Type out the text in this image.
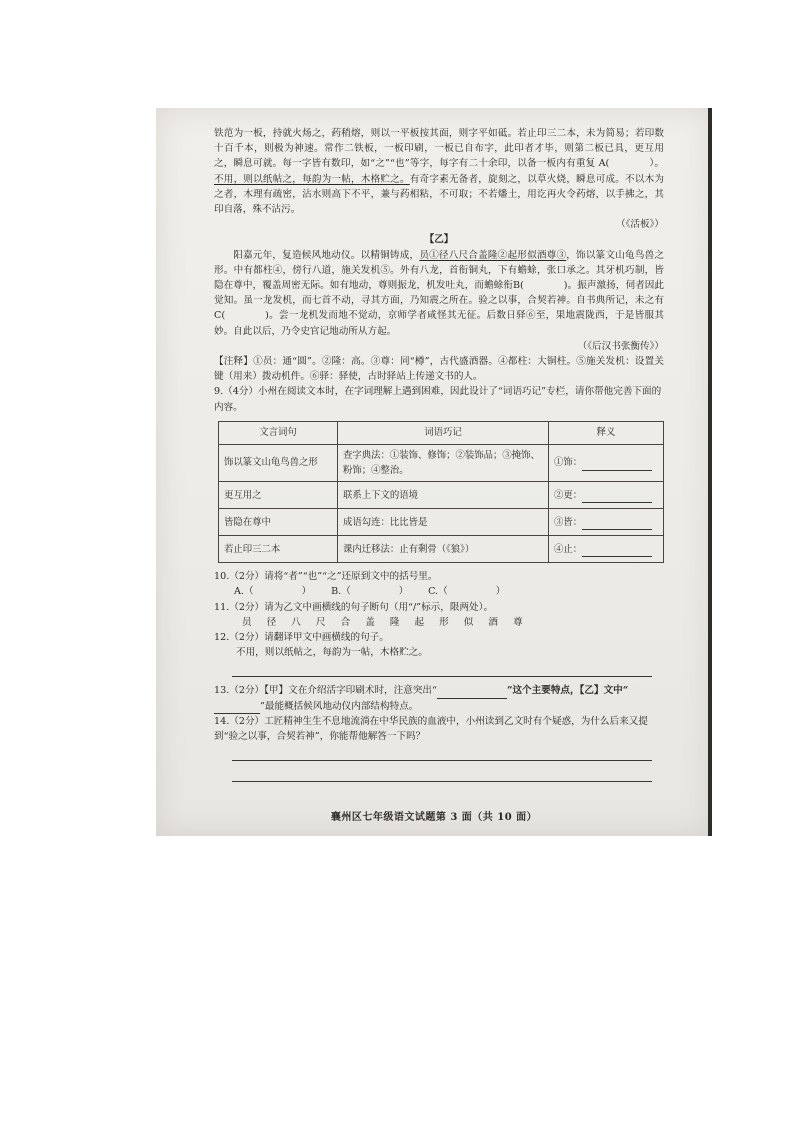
铁范为一板，持就火炀之，药稍熔，则以一平板按其面，则字平如砥。若止印三二本，未为简易；若印数十百千本，则极为神速。常作二铁板，一板印刷，一板已自布字，此印者才毕，则第二板已具，更互用之，瞬息可就。每一字皆有数印，如“之”“也”等字，每字有二十余印，以备一板内有重复 A(	）。不用，则以纸帖之，每韵为一帖，木格贮之。有奇字素无备者，旋刻之，以草火烧，瞬息可成。不以木为之者，木理有疏密，沾水则高下不平，兼与药相粘，不可取；不若燔土，用讫再火令药熔，以手拂之，其印自落，殊不沾污。

（《活板》）

【乙】

阳嘉元年，复造候风地动仪。以精铜铸成，员①径八尺合盖隆②起形似酒尊③，饰以篆文山龟鸟兽之形。中有都柱④，傍行八道，施关发机⑤。外有八龙，首衔铜丸，下有蟾蜍，张口承之。其牙机巧制，皆隐在尊中，覆盖周密无际。如有地动，尊则振龙，机发吐丸，而蟾蜍衔B(	)。振声激扬，伺者因此觉知。虽一龙发机，而七首不动，寻其方面，乃知震之所在。验之以事，合契若神。自书典所记，未之有C(	)。尝一龙机发而地不觉动，京师学者咸怪其无征。后数日驿⑥至，果地震陇西，于是皆服其妙。自此以后，乃令史官记地动所从方起。

（《后汉书张衡传》）

【注释】①员：通“圆”。②隆：高。③尊：同“樽”，古代盛酒器。④都柱：大铜柱。⑤施关发机：设置关键（用来）拨动机件。⑥驿：驿使，古时驿站上传递文书的人。

9.（4分）小州在阅读文本时，在字词理解上遇到困难，因此设计了“词语巧记”专栏，请你帮他完善下面的内容。

文言词句	词语巧记	释义
饰以篆文山龟鸟兽之形	查字典法：①装饰、修饰；②装饰品；③掩饰、粉饰；④整治。	①饰：
更互用之	联系上下文的语境	②更：
皆隐在尊中	成语勾连：比比皆是	③皆：
若止印三二本	课内迁移法：止有剩骨（《狼》）	④止：

10.（2分）请将“者”“也”“之”还原到文中的括号里。

A.（	） B.（	） C.（	）

11.（2分）请为乙文中画横线的句子断句（用“/”标示，限两处）。

员 径 八 尺 合 盖 隆 起 形 似 酒 尊

12.（2分）请翻译甲文中画横线的句子。

不用，则以纸帖之，每韵为一帖，木格贮之。

13.（2分）【甲】文在介绍活字印刷术时，注意突出“	”这个主要特点，【乙】文中“”最能概括候风地动仪内部结构特点。

14.（2分）工匠精神生生不息地流淌在中华民族的血液中，小州读到乙文时有个疑惑，为什么后来又提到“验之以事，合契若神”，你能帮他解答一下吗？

襄州区七年级语文试题第 3 面（共 10 面）
